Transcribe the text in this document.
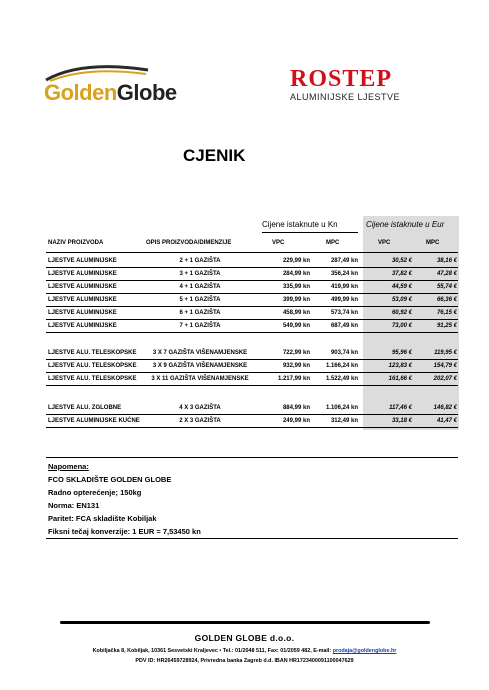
GoldenGlobe
ROSTEP
ALUMINIJSKE LJESTVE
CJENIK
Cijene istaknute u Kn	Cijene istaknute u Eur
NAZIV PROIZVODA	OPIS PROIZVODA/DIMENZIJE	VPC	MPC	VPC	MPC
LJESTVE ALUMINIJSKE	2 + 1 GAZIŠTA	229,99 kn	287,49 kn	30,52 €	38,16 €
LJESTVE ALUMINIJSKE	3 + 1 GAZIŠTA	284,99 kn	356,24 kn	37,82 €	47,28 €
LJESTVE ALUMINIJSKE	4 + 1 GAZIŠTA	335,99 kn	419,99 kn	44,59 €	55,74 €
LJESTVE ALUMINIJSKE	5 + 1 GAZIŠTA	399,99 kn	499,99 kn	53,09 €	66,36 €
LJESTVE ALUMINIJSKE	6 + 1 GAZIŠTA	458,99 kn	573,74 kn	60,92 €	76,15 €
LJESTVE ALUMINIJSKE	7 + 1 GAZIŠTA	549,99 kn	687,49 kn	73,00 €	91,25 €
LJESTVE ALU. TELESKOPSKE	3 X 7 GAZIŠTA VIŠENAMJENSKE	722,99 kn	903,74 kn	95,96 €	119,95 €
LJESTVE ALU. TELESKOPSKE	3 X 9 GAZIŠTA VIŠENAMJENSKE	932,99 kn	1.166,24 kn	123,83 €	154,79 €
LJESTVE ALU. TELESKOPSKE	3 X 11 GAZIŠTA VIŠENAMJENSKE	1.217,99 kn	1.522,49 kn	161,66 €	202,07 €
LJESTVE ALU. ZGLOBNE	4 X 3 GAZIŠTA	884,99 kn	1.106,24 kn	117,46 €	146,82 €
LJESTVE ALUMINIJSKE KUĆNE	2 X 3 GAZIŠTA	249,99 kn	312,49 kn	33,18 €	41,47 €
Napomena:
FCO SKLADIŠTE GOLDEN GLOBE
Radno opterećenje; 150kg
Norma: EN131
Paritet: FCA skladište Kobiljak
Fiksni tečaj konverzije: 1 EUR = 7,53450 kn
GOLDEN GLOBE d.o.o.
Kobiljačka 8, Kobiljak, 10361 Sesvetski Kraljevec • Tel.: 01/2048 511, Fax: 01/2059 482, E-mail: prodaja@goldenglobe.hr
PDV ID: HR26459728924, Privredna banka Zagreb d.d. IBAN HR1723400091100047629
